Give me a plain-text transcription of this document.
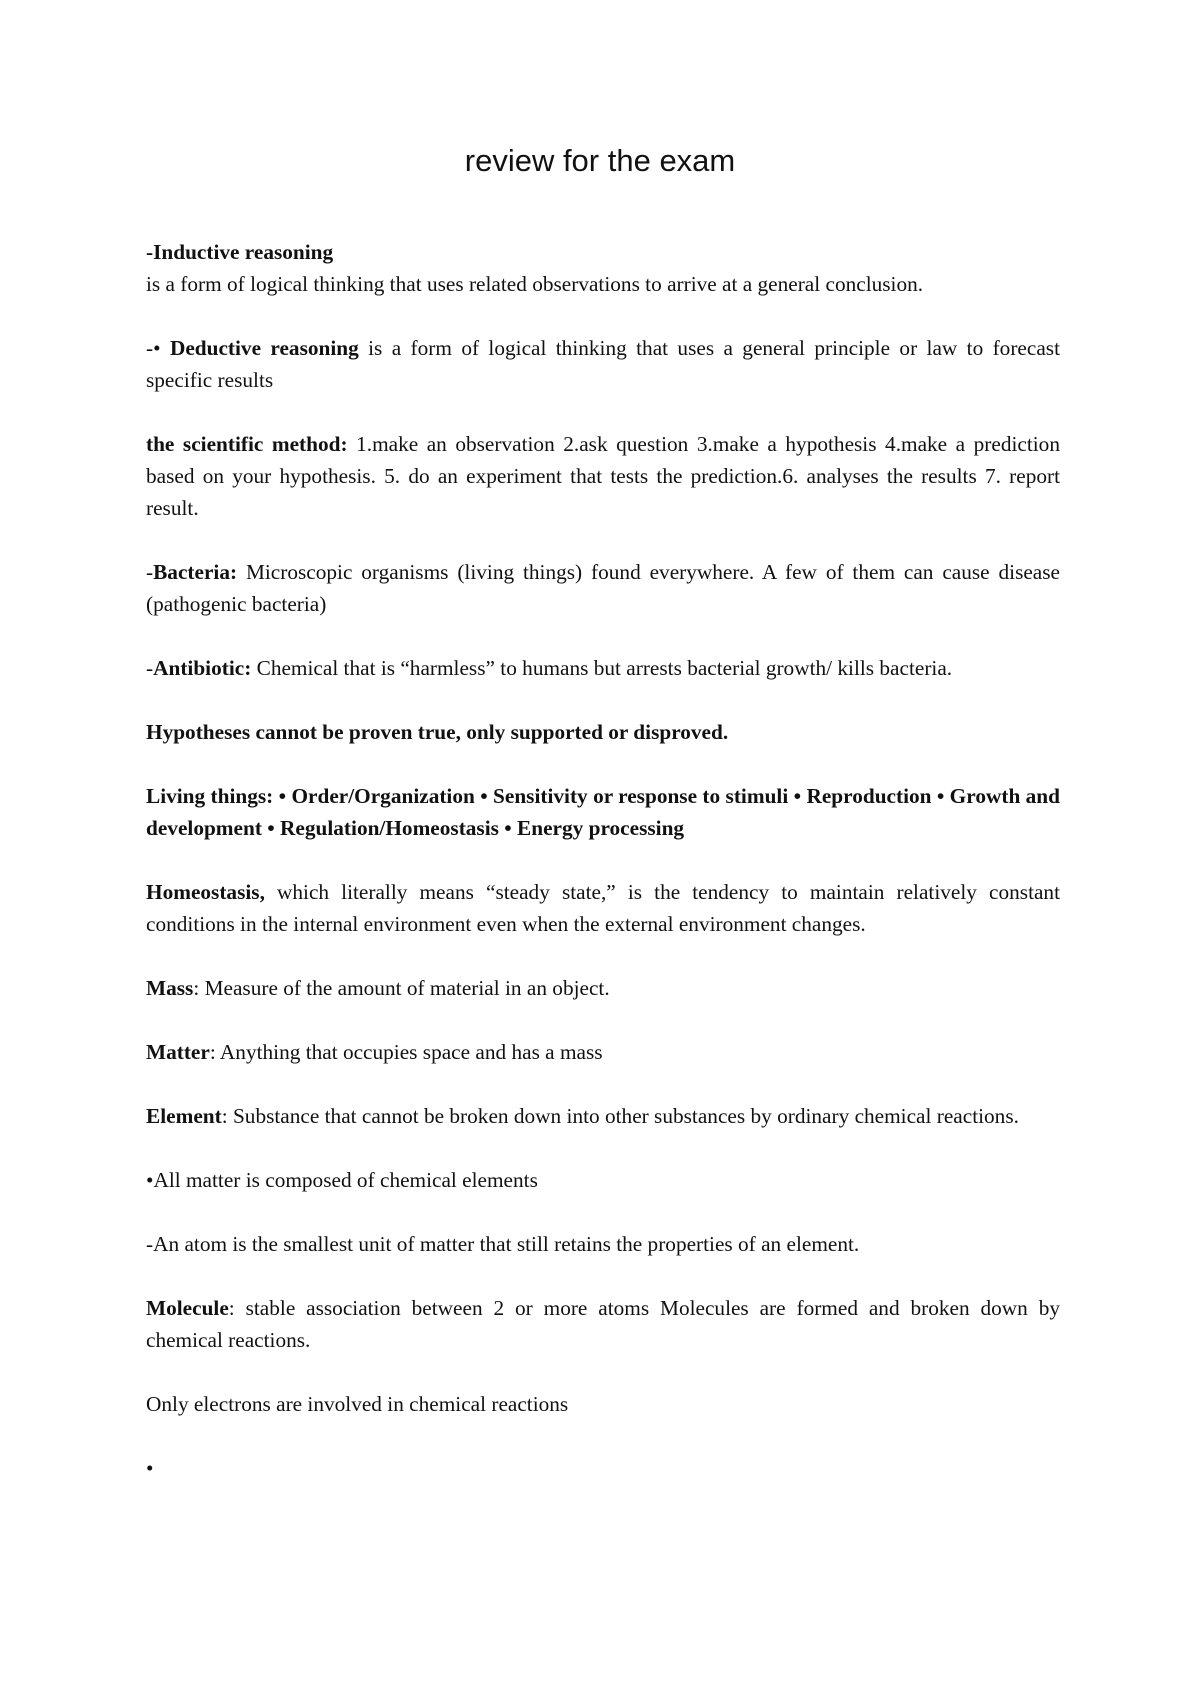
review for the exam

-Inductive reasoning
is a form of logical thinking that uses related observations to arrive at a general conclusion.

-• Deductive reasoning is a form of logical thinking that uses a general principle or law to forecast specific results

the scientific method: 1.make an observation 2.ask question 3.make a hypothesis 4.make a prediction based on your hypothesis. 5. do an experiment that tests the prediction.6. analyses the results 7. report result.

-Bacteria: Microscopic organisms (living things) found everywhere. A few of them can cause disease (pathogenic bacteria)

-Antibiotic: Chemical that is “harmless” to humans but arrests bacterial growth/ kills bacteria.

Hypotheses cannot be proven true, only supported or disproved.

Living things: • Order/Organization • Sensitivity or response to stimuli • Reproduction • Growth and development • Regulation/Homeostasis • Energy processing

Homeostasis, which literally means “steady state,” is the tendency to maintain relatively constant conditions in the internal environment even when the external environment changes.

Mass: Measure of the amount of material in an object.

Matter: Anything that occupies space and has a mass

Element: Substance that cannot be broken down into other substances by ordinary chemical reactions.

•All matter is composed of chemical elements

-An atom is the smallest unit of matter that still retains the properties of an element.

Molecule: stable association between 2 or more atoms Molecules are formed and broken down by chemical reactions.

Only electrons are involved in chemical reactions

•
